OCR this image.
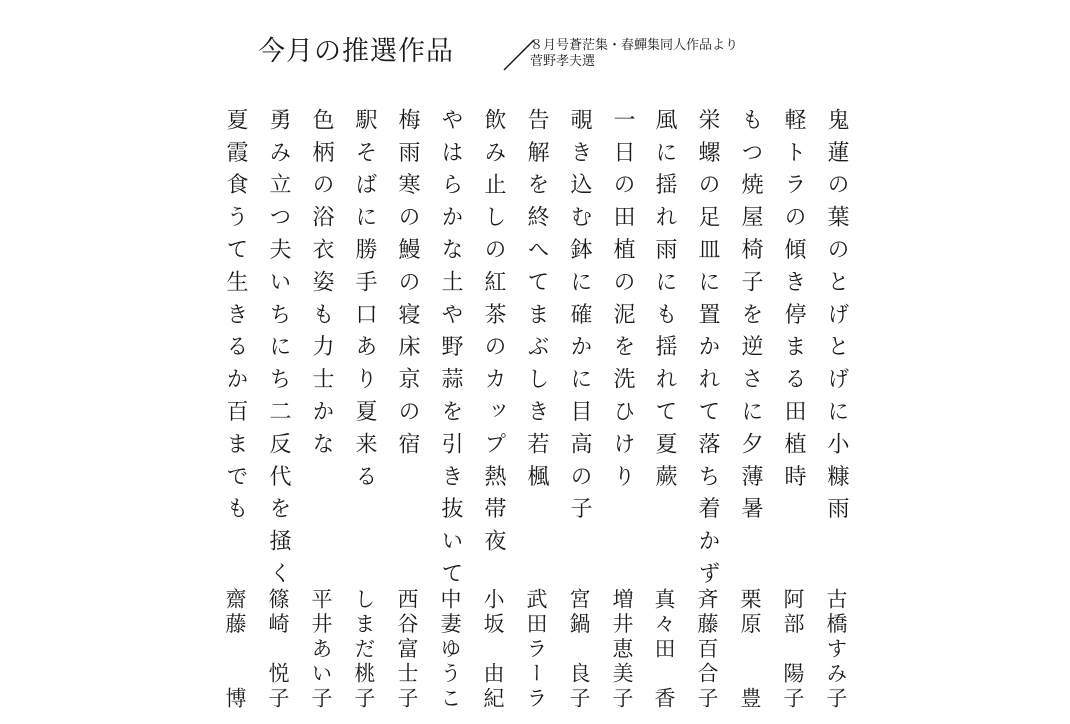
今月の推選作品	８月号蒼茫集・春蟬集同人作品より
菅野孝夫選
鬼蓮の葉のとげとげに小糠雨
古橋すみ子
軽トラの傾き停まる田植時
阿部　陽子
もつ焼屋椅子を逆さに夕薄暑
栗原　　豊
栄螺の足皿に置かれて落ち着かず
斉藤百合子
風に揺れ雨にも揺れて夏蕨
真々田　香
一日の田植の泥を洗ひけり
増井恵美子
覗き込む鉢に確かに目高の子
宮鍋　良子
告解を終へてまぶしき若楓
武田ラーラ
飲み止しの紅茶のカップ熱帯夜
小坂　由紀
やはらかな土や野蒜を引き抜いて
中妻ゆうこ
梅雨寒の鰻の寝床京の宿
西谷富士子
駅そばに勝手口あり夏来る
しまだ桃子
色柄の浴衣姿も力士かな
平井あい子
勇み立つ夫いちにち二反代を掻く
篠崎　悦子
夏霞食うて生きるか百までも
齋藤　　博
